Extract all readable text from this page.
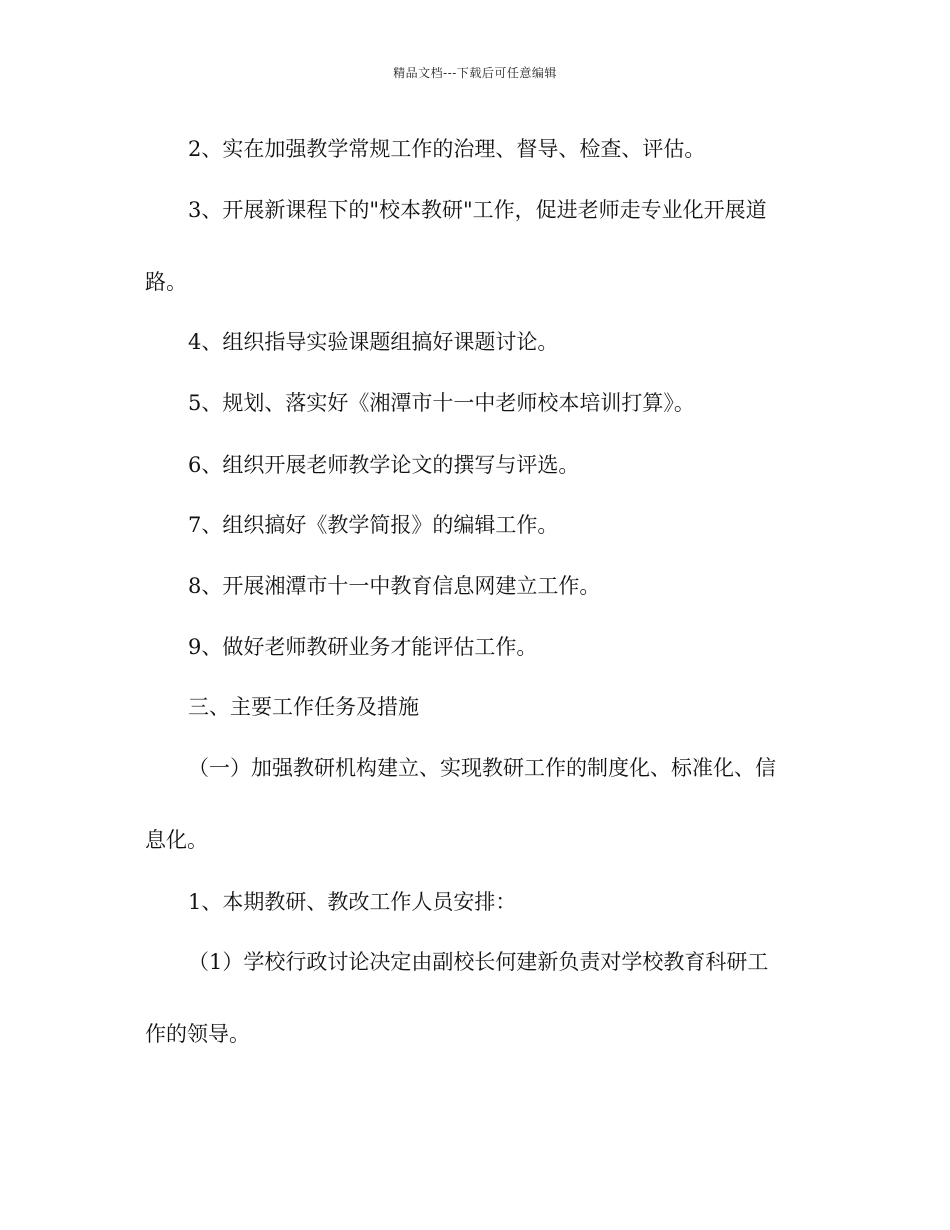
精品文档---下载后可任意编辑
2、实在加强教学常规工作的治理、督导、检查、评估。
3、开展新课程下的"校本教研"工作，促进老师走专业化开展道
路。
4、组织指导实验课题组搞好课题讨论。
5、规划、落实好《湘潭市十一中老师校本培训打算》。
6、组织开展老师教学论文的撰写与评选。
7、组织搞好《教学简报》的编辑工作。
8、开展湘潭市十一中教育信息网建立工作。
9、做好老师教研业务才能评估工作。
三、主要工作任务及措施
（一）加强教研机构建立、实现教研工作的制度化、标准化、信
息化。
1、本期教研、教改工作人员安排：
（1）学校行政讨论决定由副校长何建新负责对学校教育科研工
作的领导。
